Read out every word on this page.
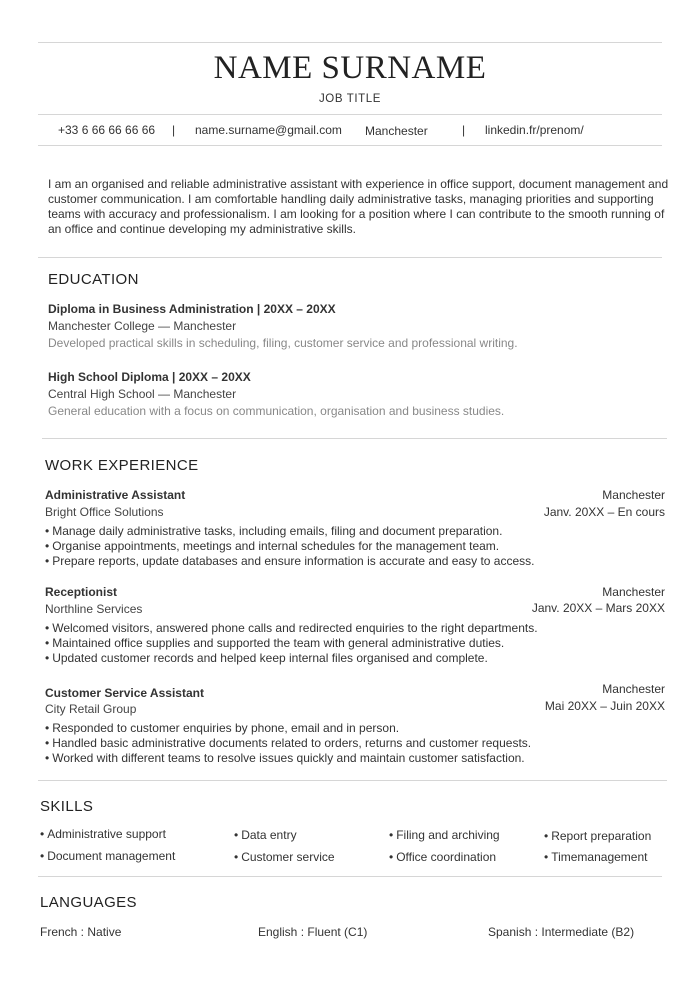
NAME SURNAME
JOB TITLE
+33 6 66 66 66 66 | name.surname@gmail.com Manchester	| linkedin.fr/prenom/
I am an organised and reliable administrative assistant with experience in office support, document management and customer communication. I am comfortable handling daily administrative tasks, managing priorities and supporting teams with accuracy and professionalism. I am looking for a position where I can contribute to the smooth running of an office and continue developing my administrative skills.
EDUCATION
Diploma in Business Administration | 20XX – 20XX
Manchester College — Manchester
Developed practical skills in scheduling, filing, customer service and professional writing.
High School Diploma | 20XX – 20XX
Central High School — Manchester
General education with a focus on communication, organisation and business studies.
WORK EXPERIENCE
Administrative Assistant	Manchester
Bright Office Solutions	Janv. 20XX – En cours
• Manage daily administrative tasks, including emails, filing and document preparation.
• Organise appointments, meetings and internal schedules for the management team.
• Prepare reports, update databases and ensure information is accurate and easy to access.
Receptionist	Manchester
Northline Services	Janv. 20XX – Mars 20XX
• Welcomed visitors, answered phone calls and redirected enquiries to the right departments.
• Maintained office supplies and supported the team with general administrative duties.
• Updated customer records and helped keep internal files organised and complete.
Customer Service Assistant	Manchester
City Retail Group	Mai 20XX – Juin 20XX
• Responded to customer enquiries by phone, email and in person.
• Handled basic administrative documents related to orders, returns and customer requests.
• Worked with different teams to resolve issues quickly and maintain customer satisfaction.
SKILLS
• Administrative support	• Data entry	• Filing and archiving	• Report preparation
• Document management	• Customer service	• Office coordination	• Timemanagement
LANGUAGES
French : Native	English : Fluent (C1)	Spanish : Intermediate (B2)
